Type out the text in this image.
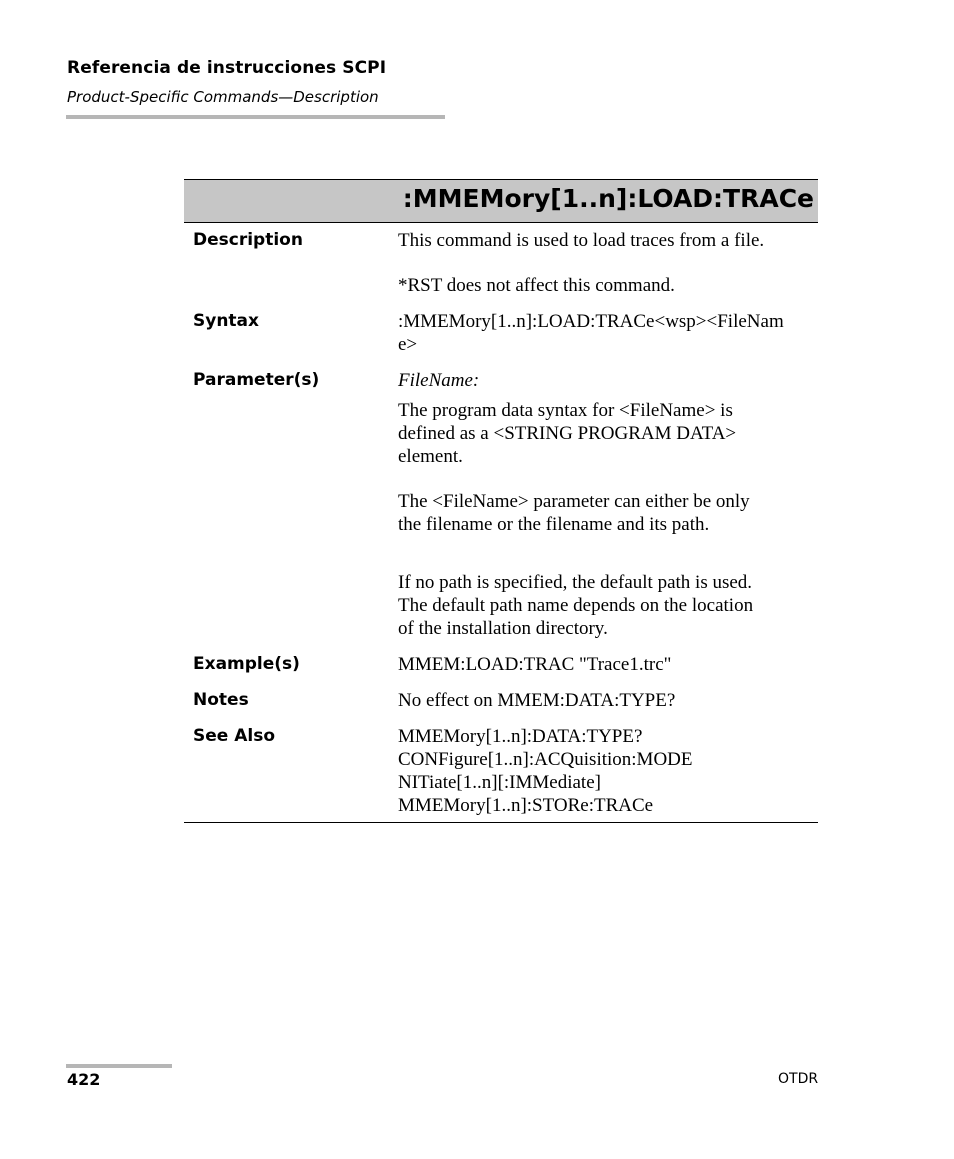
Referencia de instrucciones SCPI
Product-Specific Commands—Description
:MMEMory[1..n]:LOAD:TRACe
Description	This command is used to load traces from a file.
*RST does not affect this command.
Syntax	:MMEMory[1..n]:LOAD:TRACe<wsp><FileNam
e>
Parameter(s)	FileName:
The program data syntax for <FileName> is
defined as a <STRING PROGRAM DATA>
element.
The <FileName> parameter can either be only
the filename or the filename and its path.
If no path is specified, the default path is used.
The default path name depends on the location
of the installation directory.
Example(s)	MMEM:LOAD:TRAC "Trace1.trc"
Notes	No effect on MMEM:DATA:TYPE?
See Also	MMEMory[1..n]:DATA:TYPE?
CONFigure[1..n]:ACQuisition:MODE
NITiate[1..n][:IMMediate]
MMEMory[1..n]:STORe:TRACe
422	OTDR
